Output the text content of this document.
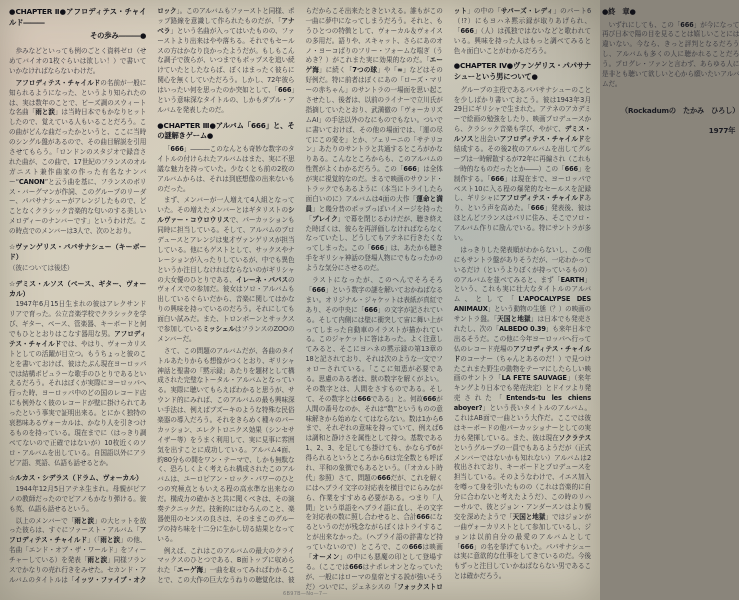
●CHAPTER Ⅱ●アフロディテス・チャイルド―――
その歩み―――●
歩みなどといっても例のごとく資料ゼロ（せめてバイオの1枚ぐらいは欲しい！）で書いていかなければならないわけだ。
アフロディテス・チャイルドの名前が一般に知られるようになった、というより知られたのは、実は数年のことで、ビーズ調のスウィートな名曲「雨と涙」は当時日本でもかなりヒットしたので、覚えている人もいることだろう。この曲がどんな曲だったかというと、ここに当時のシングル盤があるので、その曲目解説を引用させてもらう。「ロンドンのスタジオで録音された曲が、この曲で、17世紀のフランスのオルガニスト兼作曲家の作った有名なナンバー“CANON”と云う曲を基に、フランスのボリス・バーグマンが作詞、このグループのリーダー、パパサナシューがアレンジしたもので、どことなくクラシック音楽的な匂いのする美しいメロディーのナンバーです」というわけだ。この時点でのメンバーは3人で、次のとおり。
☆ヴァンゲリス・パパサナシュー（キーボード）
（彼については後述）
☆デミス・ルソス（ベース、ギター、ヴォーカル）
1947年6月15日生まれの彼はアレクサンドリアで育った。公立音楽学校でクラシックを学び、ギター、ベース、管楽器、キーボードと何でもひととおりはこなす器用な男。アフロディテス・チャイルドでは、やはり、ヴォーカリストとしての活躍が目立つ。もうちょっと彼のことを書いておけば、彼はたぶん現在ヨーロッパでは結構ポピュラーな歌手のひとりであるといえるだろう。それはぼくが実際にヨーロッパへ行った時、ヨーロッパ中のどの国のレコード店にも例外なく彼のレコードが壁に掛けられてあったという事実で証明出来る。とにかく独特の哀愁味あるヴォーカルは、かなり人を引きつけるものを持っている。現在までに（はっきり調べてないので正確ではないが）10枚近くのソロ・アルバムを出している。自国語以外にアラビア語、英語、仏語も話せるとか。
☆ルカス・シデラス（ドラム、ヴォーカル）
1944年12月5日アテネ生まれ。母親がピアノの教師だったのでピアノもかなり弾ける。彼も英、仏語も話せるという。
以上のメンバーで「雨と涙」の大ヒットを放った彼らは、すぐにファースト・アルバム「アフロディテス・チャイルド」（「雨と涙」の他、名曲「エンド・オブ・ザ・ワールド」をフィーチャーしている）を発表「雨と涙」同様フランスでかなりの売れ行きをみせた。セカンド・アルバムのタイトルは「イッツ・ファイブ・オクロック」。このアルバムもファーストと同様、ポップ路線を意識して作られたものだが、「アナベラ」という名曲が入ってはいたものの、ファーストより出来はやや落ちる。それでもセールスの方はかなり良かったようだが。もしもこんな調子で彼らが、いつまでもポップスを追い続けていたとしたならば、ぼくはまったく彼らに関心を無くしていただろう。しかし、72年彼らはいったい何を思ったのか突如として、「666」という意味深なタイトルの、しかもダブル・アルバムを発表したのだ。
●CHAPTER Ⅲ●アルバム「666」と、その謎解きゲーム●
「666」―――このなんとも奇妙な数字のタイトルの付けられたアルバムはまた、実に不思議な魅力を持っていた。少なくとも前の2枚のアルバムからは、それは到底想像の出来ないものだった。
まず、メンバーが一人増えて4人組となっていた。その増えたメンバーとはギタリストのシルヴァー・コウロウリスで、パーカッションも同時に担当している。そして、アルバムのプロデュースとアレンジは鬼才ヴァンゲリスが担当している。他にもゲストとして、サックスやナレーションが入ったりしているが、中でも異色というか注目しなければならないのがギリシャの大女優のひとりである、イレーネ・パパスのヴォイスでの参加だ。彼女はソロ・アルバムも出しているぐらいだから、音楽に関してはかなりの興味を持っているのだろう。それにしても面白い試みだ。また、トロンボーンとサックスで参加しているミッシェルはフランスのZOOのメンバーだ。
さて、この問題のアルバムだが、各曲のタイトルあたりからも想像がつくとおり、ギリシャ神話と聖書の「黙示録」あたりを題材として構成された完璧なトータル・アルバムとなっている。実際に聴いてもらえばわかると思うが、サウンド的にみれば、このアルバムの最も興味深い手法は、例えばブズーキのような特殊な民俗楽器の導入だろう。それをきらめく種々のパーカッション、エレクトロニクス効果（シンセサイザー等）をうまく利用して、実に見事に雰囲気を出すことに成功している。アルバム4面、約80分もの間をワン・テーマで、しかも無駄なく、恐ろしくよく考えられ構成されたこのアルバムは、ユーロピアン・ロック・パワーのひとつの究極点ともいえる程の高水準な出来なのだ。構成力の確かさと共に聞くべきは、その演奏テクニックだ。技術的にはむろんのこと、楽器使用のセンスの良さは、そのままこのグループの持ち味を十二分に生かし切る結果となっている。
例えば、これはこのアルバムの最大のクライマックスのひとつである、B面トップに収められた「エーゲ海」一曲を取ってみればわかることで、この大作の巨大なうねりの聴覚化は、彼らだからこそ出来たときといえる。誰もがこの一曲に夢中になってしまうだろう。それと、もうひとつの特徴として、ヴォーカル＆ヴォイスの多用だ。語りや、スキャット、さらにあのオノ・ヨーコばりのフリー・フォームな喘ぎ（うめき？）がこれまた実に効果的なのだ。「エーゲ海」に続く「7つの球」や「∞」などはその好例だ。特に前者はぼくにあの「ローズ・マリーの赤ちゃん」のサントラの一場面を思い起こさせたし、後者は、以前のライナーで立川氏が指摘していたとおり、武満徹の「ヴォーカリズムAI」の手法以外のなにものでもない。ついでに書いておけば、その他の場面では、「運の尽てにこの愛を」とか、フェリーニの「サテリコン」あたりのサントラと共通するところがかなりある。こんなところからも、このアルバムの性質がよくわかるだろう。この「666」は全体が実に視覚的なのだ。まるで映画のサウンド・トラックでもあるように（本当にトライしたら面白いのに）アルバムは4面の大作「運命と満員」と幾分昔のポップっぽいイメージを持った「ブレイク」で幕を閉じるわけだが、聴き終えた時ぼくは、彼らを再評価しなければならなくなっていたし、どうしてもアテネに行きたくなってしまった。この「666」は、あたかも聴き手をギリシャ神話の登場人物にでもなったかのような気分にさせるのだ。
ラストになったが、このへんでそろそろ「666」という数字の謎を解いておかねばなるまい。オリジナル・ジャケットは表紙が真紅であり、その中央に「666」の文字が記されている。そして内側には壁に衝突して宙に舞い上がってしまった自動車のイラストが描かれている。このジャケットに答はあった。よく注意してみると、そこにヨハネの黙示録の第13章の18と記されており、それは次のような一文でフォローされている。「ここに知恵が必要である。思慮のある者は、獣の数字を解くがよい。その数字とは、人間をさすものである。そして、その数字とは666である」と。何故666が人間の番号なのか、それは“数”というものの意味解きから始めなくてはならない。数は1から6まで、それぞれの意味を持っていて、例えば6は調和と静けさを属性として持つ。基数である1、2、3、を足しても掛けても、かならず6が得られるというところから6は完全数とも呼ばれ、平和の象徴でもあるという。（「オカルト時代」参照）さて、問題の666だが、これを解くにはヘブライ文字の対応表を横目でにらみながら、作業をすすめる必要がある。つまり「人間」という単語をヘブライ語に直し、その文字を対応表の数に照し合わせると、合計666になるというのだが残念ながらぼくはトライすることが出来なかった。（ヘブライ語の辞書など持っていないので）ところで、この666は映画「オーメン」の中にも悪魔の印として登場する。（ここでは666はナポレオンとなっていたが、一般にはローマの皇帝とする説が強いそうだ）ついでに、ジェネシスの「フォックストロット」の中の「サパーズ・レディ」のパート6（!?）にもヨハネ黙示録が取りあげられ、「666」（人）は孤独ではないなどと歌われている。興味を持った人はもっと調べてみると色々面白いことがわかるだろう。
●CHAPTER Ⅳ●ヴァンゲリス・パパサナシューという男について●
グループの主役であるパパサナシューのことを少しばかり書いておこう。彼は1943年3月29日にギリシャで生まれた。アテネのアカデミーで絵画の勉強をしたり、映画プロデュースから、クラシック音楽も学び、やがて、デミス・ルソスと出会いアフロディテス・チャイルドを結成する。その後2枚のアルバムを出してグループは一時解散するが72年に再編され（これも一時的なものだったとか――）この「666」を制作する。「666」は現在まで、ヨーロッパでベスト10に入る程の爆発的なセールスを記録し、ギリシャにアフロディテス・チャイルドあり、という声を高めた。「666」発表後、彼はほとんどフランスはパリに住み、そこでソロ・アルバム作りに励んでいる。特にサントラが多い。
はっきりした発表順がわからないし、この他にもサントラ盤がありそうだが、一応わかっているだけ（というよりぼくが持っているもの）のアルバムを並べてみると、まず「EARTH」という、これも実に壮大なタイトルのアルバム、として「L'APOCALYPSE DES ANIMAUX」という動物の生態（？）の映画のサントラ盤。「天国と地獄」は日本でも発売されたし、次の「ALBEDO 0.39」も来年日本で出るそうだ。この他に今年ヨーロッパへ行って仏のレコード売場のアフロディテス・チャイルドのコーナー（ちゃんとあるのだ！）で見つけたこれまた野生の動物をテーマにしたらしい映画のサントラ「LA FETE SAUVAGE」（来年キングより日本でも発売決定）とドイツより発売された「Entends-tu les chiens aboyer?」という長いタイトルのアルバム。これはAB面で一曲という大作だ。ここでは彼はキーボードの他パーカッショナーとしての実力も発揮している。また、彼は現在ソクラテスというグループの一員でもあるようだが（正式メンバーではないかも知れない）アルバムは2枚出されており、キーボードとプロデュースを担当している。そのようなわけで、イエス加入を噂って身を引いたものの（これは音楽的に自分に合わないと考えたようだ）、この時のリハーサルで、彼とジョン・アンダースンはより親交を深めたようで「天国と地獄」ではジョンが一曲ヴォーカリストとして参加しているし、ジョンは以前自分の最愛のアルバムとして「666」の名を挙げてもいた。パパサナシューは実に意欲的な仕事をしてきているのだ。今後もずっと注目していかねばならない男であることは確かだろう。
●終　章●
いずれにしても、この「666」が今になって再び日本で陽の目を見ることは嬉しいことには違いない。今なら、きっと評判となるだろうし、アルバムも多くの人に聴かれることだろう。プログレ・ファンと言わず、あらゆる人に是非とも聴いて欲しいと心から願いたいアルバムだ。
（Rockadumの　たかみ　ひろし）
1977年
6B97B—No—7—
